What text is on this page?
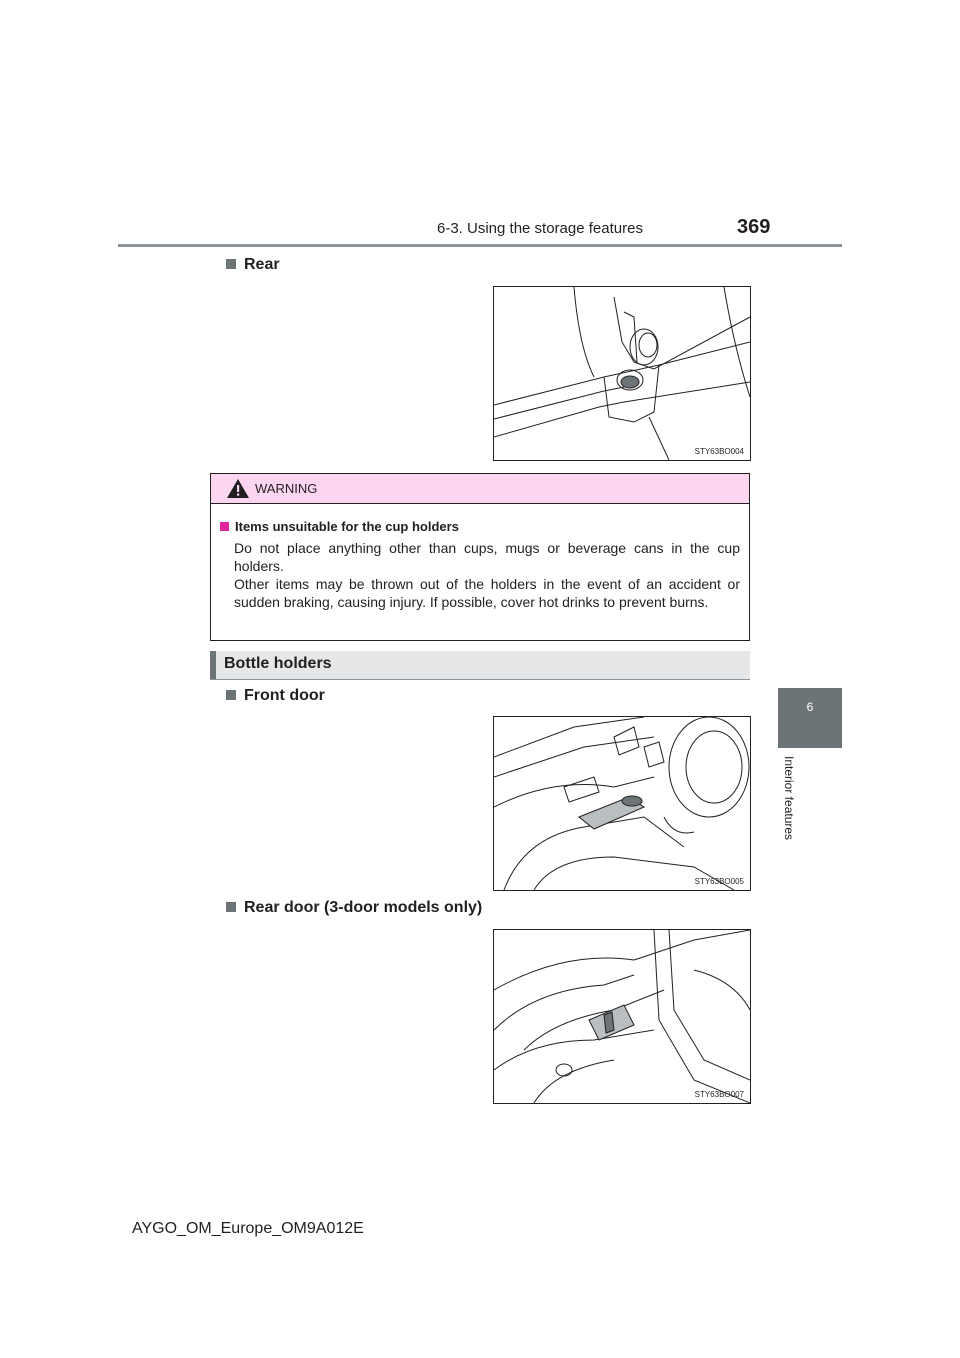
6-3. Using the storage features	369
6
Interior features
Rear
STY63BO004
WARNING
Items unsuitable for the cup holders
Do not place anything other than cups, mugs or beverage cans in the cup holders.
Other items may be thrown out of the holders in the event of an accident or sudden braking, causing injury. If possible, cover hot drinks to prevent burns.
Bottle holders
Front door
STY63BO005
Rear door (3-door models only)
STY63BO007
AYGO_OM_Europe_OM9A012E
